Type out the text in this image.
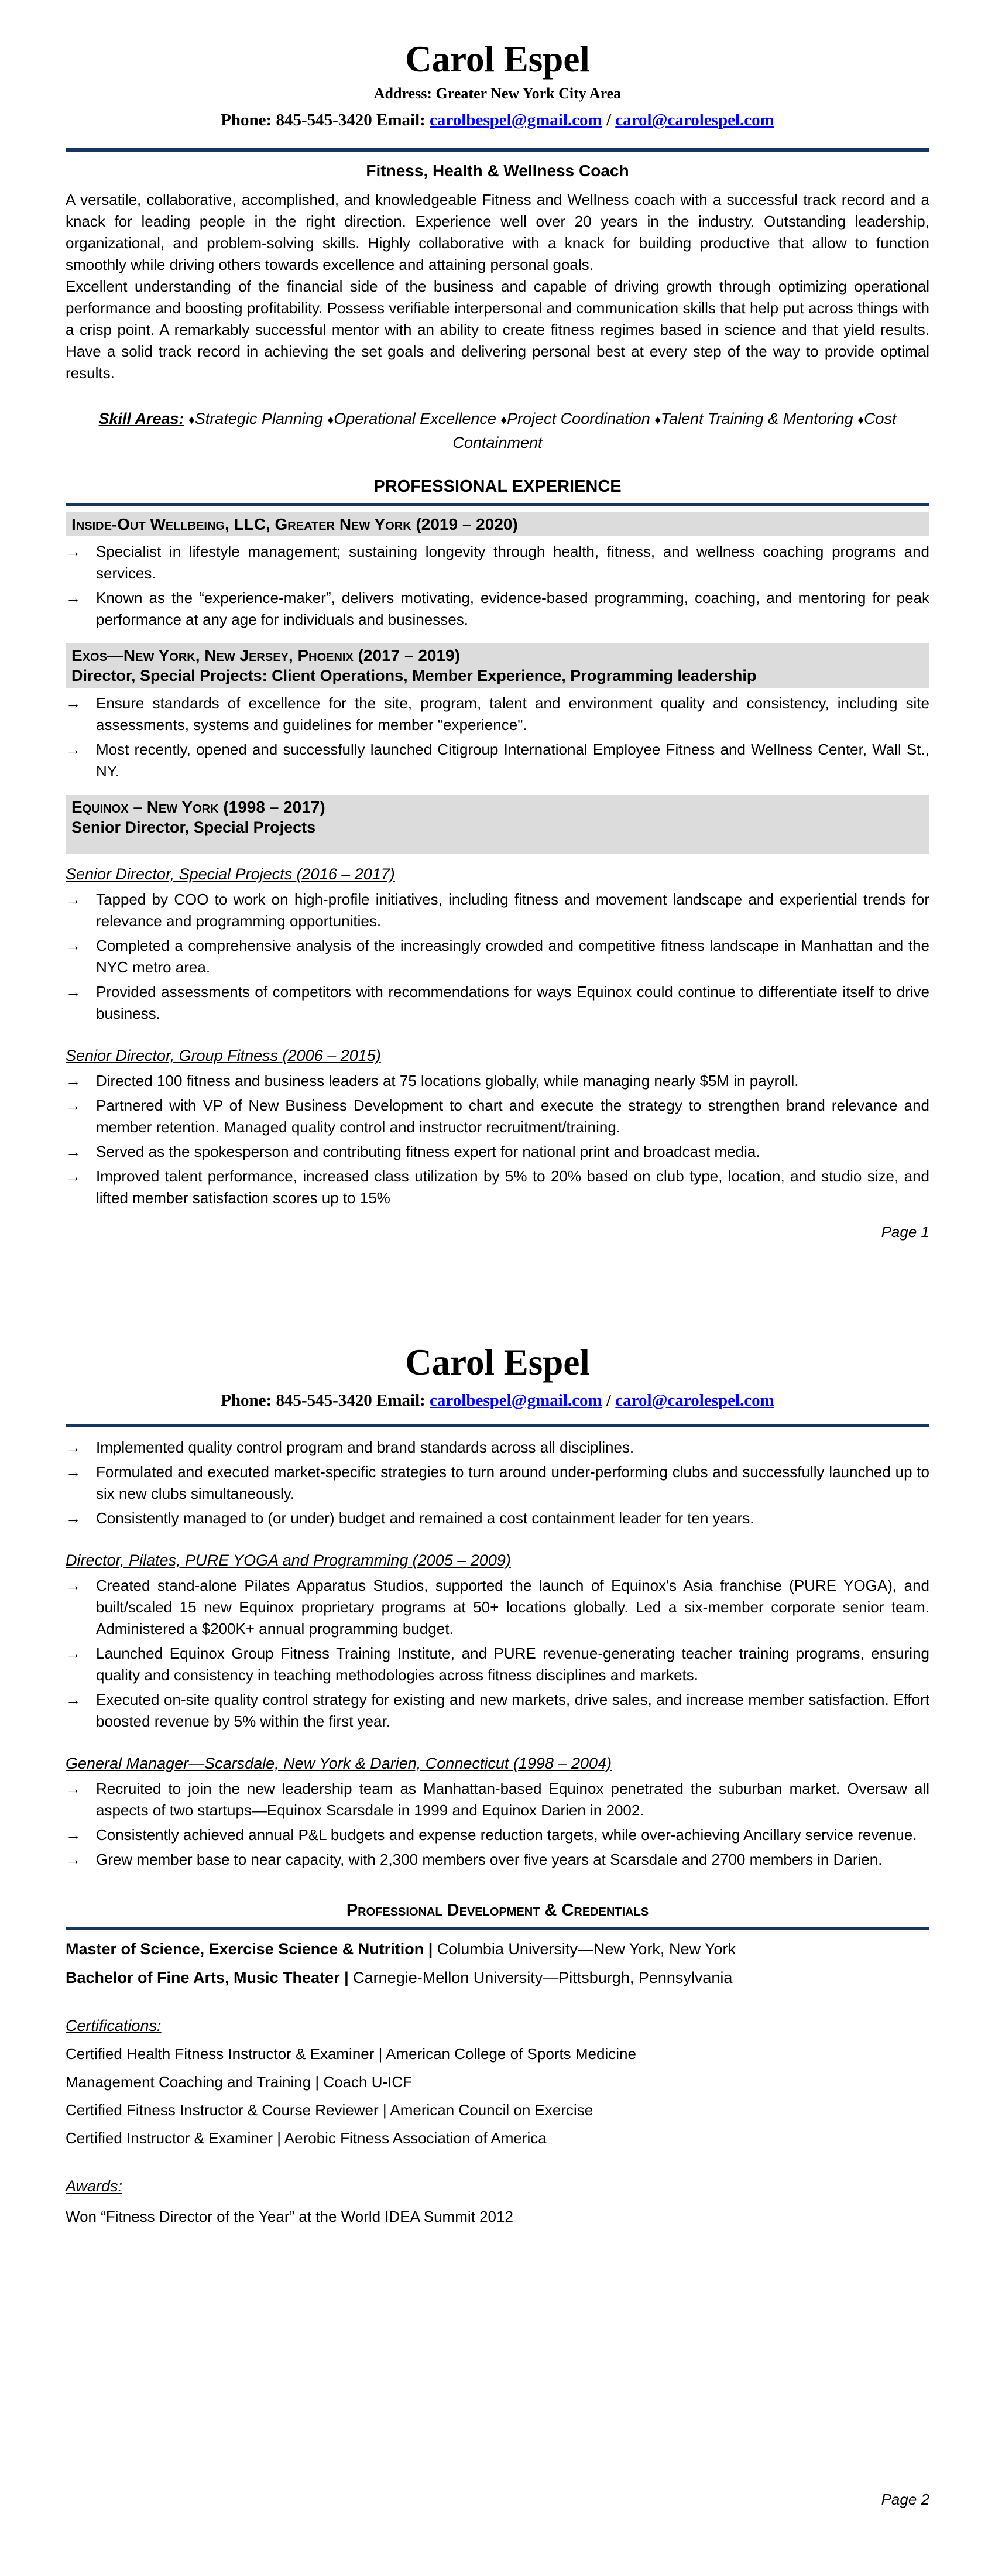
Carol Espel
Address: Greater New York City Area
Phone: 845-545-3420 Email: carolbespel@gmail.com / carol@carolespel.com
Fitness, Health & Wellness Coach

A versatile, collaborative, accomplished, and knowledgeable Fitness and Wellness coach with a successful track record and a knack for leading people in the right direction. Experience well over 20 years in the industry. Outstanding leadership, organizational, and problem-solving skills. Highly collaborative with a knack for building productive that allow to function smoothly while driving others towards excellence and attaining personal goals.

Excellent understanding of the financial side of the business and capable of driving growth through optimizing operational performance and boosting profitability. Possess verifiable interpersonal and communication skills that help put across things with a crisp point. A remarkably successful mentor with an ability to create fitness regimes based in science and that yield results. Have a solid track record in achieving the set goals and delivering personal best at every step of the way to provide optimal results.

Skill Areas: ♦Strategic Planning ♦Operational Excellence ♦Project Coordination ♦Talent Training & Mentoring ♦Cost Containment
PROFESSIONAL EXPERIENCE
Inside-Out Wellbeing, LLC, Greater New York (2019 – 2020)
→	Specialist in lifestyle management; sustaining longevity through health, fitness, and wellness coaching programs and services.
→	Known as the “experience-maker”, delivers motivating, evidence-based programming, coaching, and mentoring for peak performance at any age for individuals and businesses.
Exos—New York, New Jersey, Phoenix (2017 – 2019)
Director, Special Projects: Client Operations, Member Experience, Programming leadership
→	Ensure standards of excellence for the site, program, talent and environment quality and consistency, including site assessments, systems and guidelines for member "experience".
→	Most recently, opened and successfully launched Citigroup International Employee Fitness and Wellness Center, Wall St., NY.
Equinox – New York (1998 – 2017)
Senior Director, Special Projects
Senior Director, Special Projects (2016 – 2017)
→	Tapped by COO to work on high-profile initiatives, including fitness and movement landscape and experiential trends for relevance and programming opportunities.
→	Completed a comprehensive analysis of the increasingly crowded and competitive fitness landscape in Manhattan and the NYC metro area.
→	Provided assessments of competitors with recommendations for ways Equinox could continue to differentiate itself to drive business.
Senior Director, Group Fitness (2006 – 2015)
→	Directed 100 fitness and business leaders at 75 locations globally, while managing nearly $5M in payroll.
→	Partnered with VP of New Business Development to chart and execute the strategy to strengthen brand relevance and member retention. Managed quality control and instructor recruitment/training.
→	Served as the spokesperson and contributing fitness expert for national print and broadcast media.
→	Improved talent performance, increased class utilization by 5% to 20% based on club type, location, and studio size, and lifted member satisfaction scores up to 15%
Page 1
Carol Espel
Phone: 845-545-3420 Email: carolbespel@gmail.com / carol@carolespel.com
→	Implemented quality control program and brand standards across all disciplines.
→	Formulated and executed market-specific strategies to turn around under-performing clubs and successfully launched up to six new clubs simultaneously.
→	Consistently managed to (or under) budget and remained a cost containment leader for ten years.
Director, Pilates, PURE YOGA and Programming (2005 – 2009)
→	Created stand-alone Pilates Apparatus Studios, supported the launch of Equinox's Asia franchise (PURE YOGA), and built/scaled 15 new Equinox proprietary programs at 50+ locations globally. Led a six-member corporate senior team. Administered a $200K+ annual programming budget.
→	Launched Equinox Group Fitness Training Institute, and PURE revenue-generating teacher training programs, ensuring quality and consistency in teaching methodologies across fitness disciplines and markets.
→	Executed on-site quality control strategy for existing and new markets, drive sales, and increase member satisfaction. Effort boosted revenue by 5% within the first year.
General Manager—Scarsdale, New York & Darien, Connecticut (1998 – 2004)
→	Recruited to join the new leadership team as Manhattan-based Equinox penetrated the suburban market. Oversaw all aspects of two startups—Equinox Scarsdale in 1999 and Equinox Darien in 2002.
→	Consistently achieved annual P&L budgets and expense reduction targets, while over-achieving Ancillary service revenue.
→	Grew member base to near capacity, with 2,300 members over five years at Scarsdale and 2700 members in Darien.
Professional Development & Credentials
Master of Science, Exercise Science & Nutrition | Columbia University—New York, New York
Bachelor of Fine Arts, Music Theater | Carnegie-Mellon University—Pittsburgh, Pennsylvania
Certifications:
Certified Health Fitness Instructor & Examiner | American College of Sports Medicine
Management Coaching and Training | Coach U-ICF
Certified Fitness Instructor & Course Reviewer | American Council on Exercise
Certified Instructor & Examiner | Aerobic Fitness Association of America
Awards:
Won “Fitness Director of the Year” at the World IDEA Summit 2012
Page 2
